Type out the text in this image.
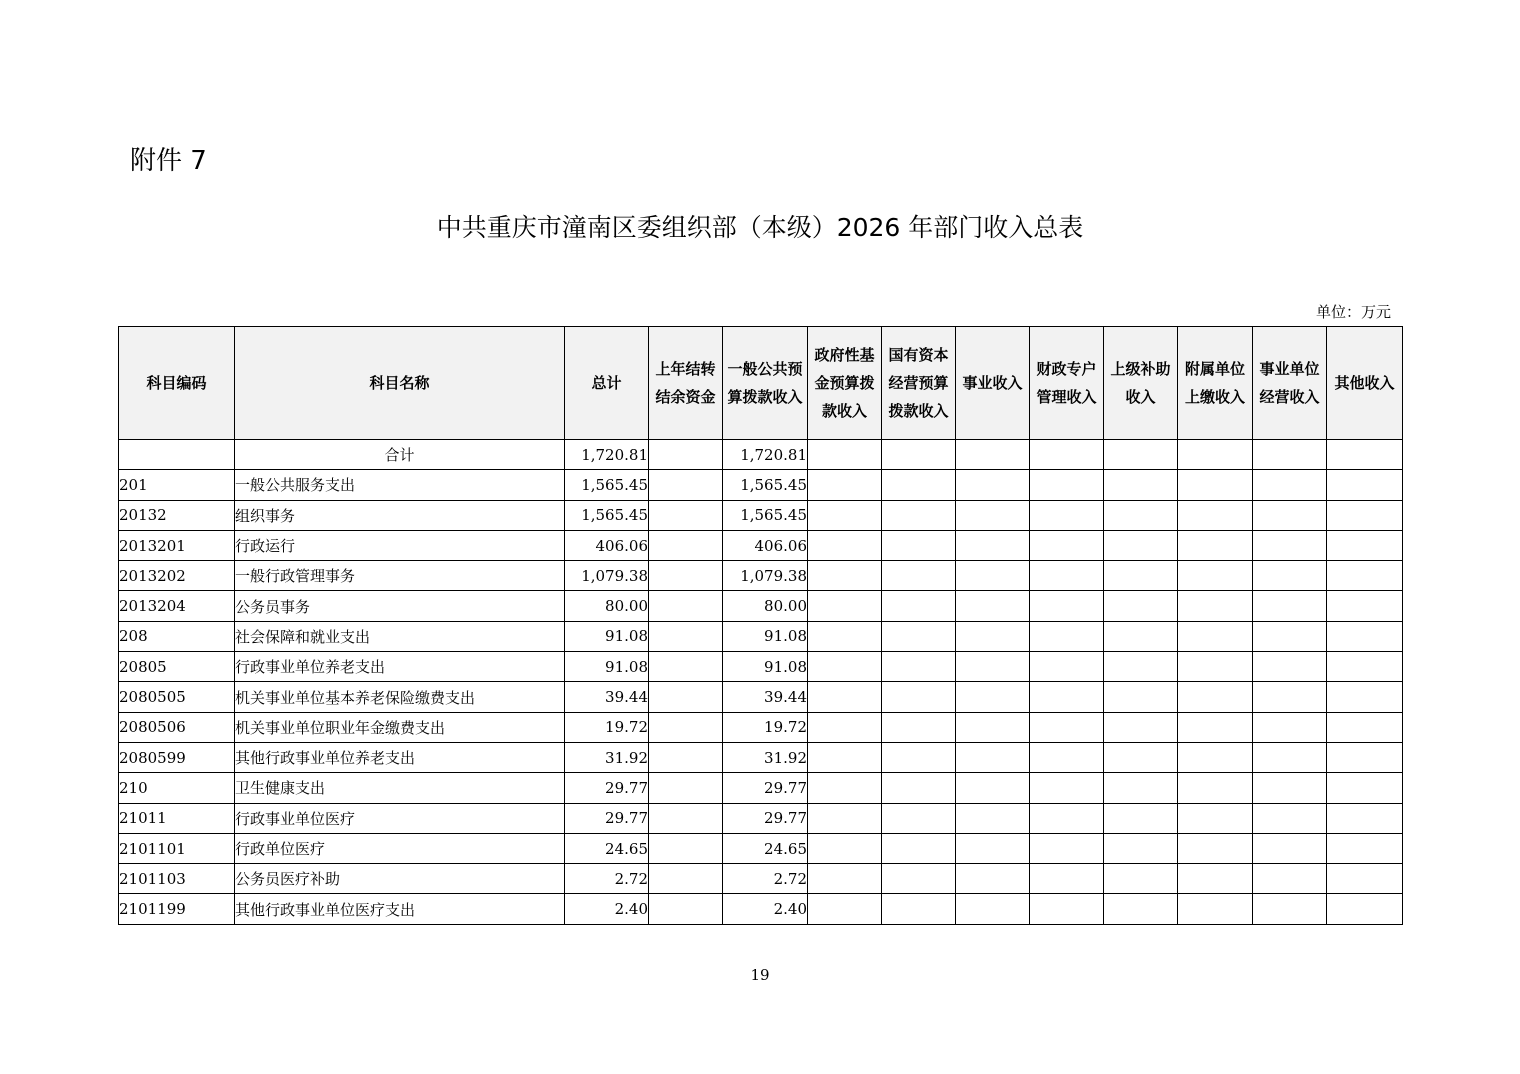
附件 7
中共重庆市潼南区委组织部（本级）2026 年部门收入总表
单位：万元
科目编码	科目名称	总计	上年结转结余资金	一般公共预算拨款收入	政府性基金预算拨款收入	国有资本经营预算拨款收入	事业收入	财政专户管理收入	上级补助收入	附属单位上缴收入	事业单位经营收入	其他收入

	合计	1,720.81		1,720.81								
201	一般公共服务支出	1,565.45		1,565.45								
20132	组织事务	1,565.45		1,565.45								
2013201	行政运行	406.06		406.06								
2013202	一般行政管理事务	1,079.38		1,079.38								
2013204	公务员事务	80.00		80.00								
208	社会保障和就业支出	91.08		91.08								
20805	行政事业单位养老支出	91.08		91.08								
2080505	机关事业单位基本养老保险缴费支出	39.44		39.44								
2080506	机关事业单位职业年金缴费支出	19.72		19.72								
2080599	其他行政事业单位养老支出	31.92		31.92								
210	卫生健康支出	29.77		29.77								
21011	行政事业单位医疗	29.77		29.77								
2101101	行政单位医疗	24.65		24.65								
2101103	公务员医疗补助	2.72		2.72								
2101199	其他行政事业单位医疗支出	2.40		2.40								
19
